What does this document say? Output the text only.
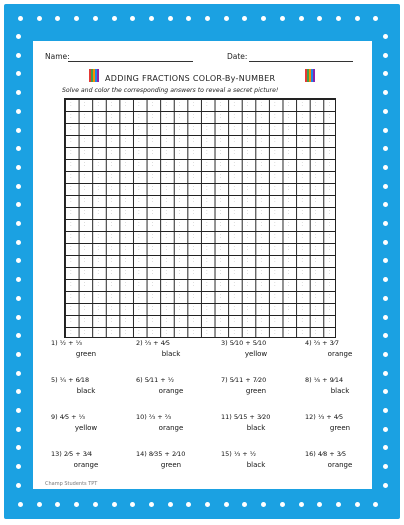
Name:	Date:
ADDING FRACTIONS COLOR-By-NUMBER
Solve and color the corresponding answers to reveal a secret picture!
·
·
·
·
·
·
·
·
·
·
·
·
·
·
·
·
·
·
·
·
·
·
·
·
·
·
·
·
·
·
·
·
·
·
·
·
·
·
·
·
·
·
·
·
·
·
·
·
·
·
·
·
·
·
·
·
·
·
·
·
·
·
·
·
·
·
·
·
·
·
·
·
·
·
·
·
·
·
·
·
·
·
·
·
·
·
·
·
·
·
·
·
·
·
·
·
·
·
·
·
·
·
·
·
·
·
·
·
·
·
·
·
·
·
·
·
·
·
·
·
·
·
·
·
·
·
·
·
·
·
·
·
·
·
·
·
·
·
·
·
·
·
·
·
·
·
·
·
·
·
·
·
·
·
·
·
·
·
·
·
·
·
·
·
·
·
·
·
·
·
·
·
·
·
·
·
·
·
·
·
·
·
·
·
·
·
·
·
·
·
·
·
·
·
·
·
·
·
·
·
·
·
·
·
·
·
·
·
·
·
·
·
·
·
·
·
·
·
·
·
·
·
·
·
·
·
·
·
·
·
·
·
·
·
·
·
·
·
·
·
·
·
·
·
·
·
·
·
·
·
·
·
·
·
·
·
·
·
·
·
·
·
·
·
·
·
·
·
·
·
·
·
·
·
·
·
·
·
·
·
·
·
·
·
·
·
·
·
·
·
·
·
·
·
·
·
·
·
·
·
·
·
·
·
·
·
·
·
·
·
·
·
·
·
·
·
·
·
·
·
·
·
·
·
·
·
·
·
·
·
·
·
·
·
·
·
·
·
·
·
·
·
·
·
·
·
·
·
·
·
·
·
·
·
·
·
·
·
·
·
·
·
·
·
·
·
·
·
·
·
·
·
·
·
·
·
·
·
·
·
·
·
·
·
·
·
·
·
·
·
·
·
·
·
·
·
·
·
·
·
·
·
·
·
·
·
·
·
·
·
·
·
·
·
·
·
·
·
·
·
·
·
·
·
·
·
·
·
·
·
·
·
·
·
·
·
·
·
·
·
·
·
·
·
·
·
·
·
·
·
·
·
·
·
·
·
·
·
·
·
·
·
·
·
·
·
·
·
·
·
·
·
·
·
·
·
·
·
·
·
·
·
·
·
·
·
·
·
·
·
·
·
·
·
·
·
·
·
·
·
·
·
·
·
·
·
·
·
·
·
·
·
·
·
·
·
·
·
·
·
·
·
·
·
·
·
·
·
·
·
·
·
·
·
·
·
·
·
·
·
·
·
·
·
·
·
·
·
·
·
·
·
·
·
·
·
·
·
·
·
·
·
·
·
·
·
·
·
·
·
·
·
·
·
·
·
·
·
·
·
·
·
·
·
·
·
·
·
·
·
·
·
·
·
·
·
·
·
·
·
·
·
·
·
·
·
·
·
·
·
·
·
·
·
·
·
·
·
·
·
·
·
·
·
·
·
·
·
·
·
·
·
·
·
·
·
·
·
·
·
·
·
·
·
·
·
·
·
·
·
·
·
·
·
·
·
·
·
·
·
·
·
·
·
·
·
·
·
·
·
·
·
·
·
·
·
·
·
·
·
·
·
·
·
·
·
·
·
·
·
·
·
·
·
·
·
·
·
·
·
·
·
·
·
·
·
·
·
·
·
·
·
·
·
·
·
·
·
·
·
·
·
·
·
·
·
·
·
·
·
·
·
·
·
·
·
·
·
·
·
·
·
·
·
·
·
·
·
·
·
·
·
·
·
·
·
·
·
·
·
·
·
·
·
·
·
·
·
·
·
·
·
·
·
·
·
·
·
·
·
·
·
·
·
·
·
·
·
·
·
·
·
·
·
·
·
·
·
·
·
1) ½ + ⅓
green
2) ⅔ + 4⁄5
black
3) 5⁄10 + 5⁄10
yellow
4) ⅔ + 3⁄7
orange
5) ¼ + 6⁄18
black
6) 5⁄11 + ½
orange
7) 5⁄11 + 7⁄20
green
8) ⅛ + 9⁄14
black
9) 4⁄5 + ⅓
yellow
10) ⅔ + ⅔
orange
11) 5⁄15 + 3⁄20
black
12) ⅓ + 4⁄5
green
13) 2⁄5 + 3⁄4
orange
14) 8⁄35 + 2⁄10
green
15) ⅓ + ½
black
16) 4⁄8 + 3⁄5
orange
Champ Students TPT
